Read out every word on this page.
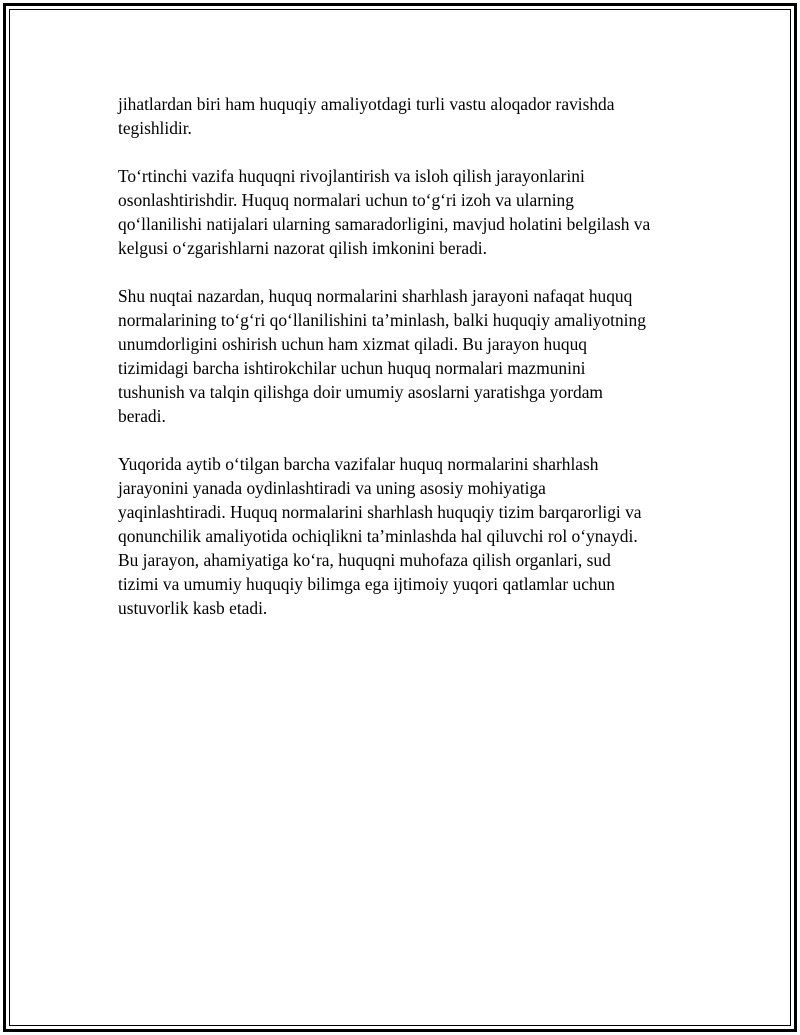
jihatlardan biri ham huquqiy amaliyotdagi turli vastu aloqador ravishda
tegishlidir.

To‘rtinchi vazifa huquqni rivojlantirish va isloh qilish jarayonlarini
osonlashtirishdir. Huquq normalari uchun to‘g‘ri izoh va ularning
qo‘llanilishi natijalari ularning samaradorligini, mavjud holatini belgilash va
kelgusi o‘zgarishlarni nazorat qilish imkonini beradi.

Shu nuqtai nazardan, huquq normalarini sharhlash jarayoni nafaqat huquq
normalarining to‘g‘ri qo‘llanilishini ta’minlash, balki huquqiy amaliyotning
unumdorligini oshirish uchun ham xizmat qiladi. Bu jarayon huquq
tizimidagi barcha ishtirokchilar uchun huquq normalari mazmunini
tushunish va talqin qilishga doir umumiy asoslarni yaratishga yordam
beradi.

Yuqorida aytib o‘tilgan barcha vazifalar huquq normalarini sharhlash
jarayonini yanada oydinlashtiradi va uning asosiy mohiyatiga
yaqinlashtiradi. Huquq normalarini sharhlash huquqiy tizim barqarorligi va
qonunchilik amaliyotida ochiqlikni ta’minlashda hal qiluvchi rol o‘ynaydi.
Bu jarayon, ahamiyatiga ko‘ra, huquqni muhofaza qilish organlari, sud
tizimi va umumiy huquqiy bilimga ega ijtimoiy yuqori qatlamlar uchun
ustuvorlik kasb etadi.
